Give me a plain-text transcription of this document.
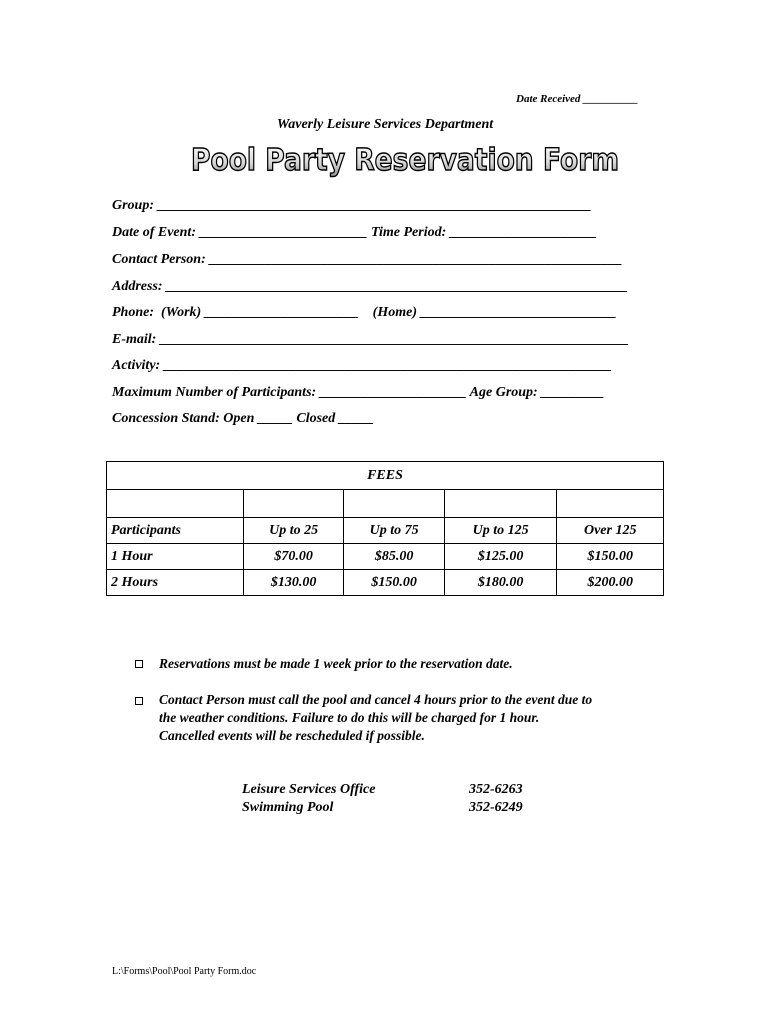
Date Received __________
Waverly Leisure Services Department
Pool Party Reservation Form
Group: ______________________________________________________________
Date of Event: ________________________ Time Period: _____________________
Contact Person: ___________________________________________________________
Address: __________________________________________________________________
Phone:  (Work) ______________________    (Home) ____________________________
E-mail: ___________________________________________________________________
Activity: ________________________________________________________________
Maximum Number of Participants: _____________________ Age Group: _________
Concession Stand: Open _____ Closed _____
FEES				

Participants	Up to 25	Up to 75	Up to 125	Over 125
1 Hour	$70.00	$85.00	$125.00	$150.00
2 Hours	$130.00	$150.00	$180.00	$200.00
Reservations must be made 1 week prior to the reservation date.
Contact Person must call the pool and cancel 4 hours prior to the event due to
the weather conditions. Failure to do this will be charged for 1 hour.
Cancelled events will be rescheduled if possible.
Leisure Services Office	352-6263
Swimming Pool	352-6249
L:\Forms\Pool\Pool Party Form.doc
